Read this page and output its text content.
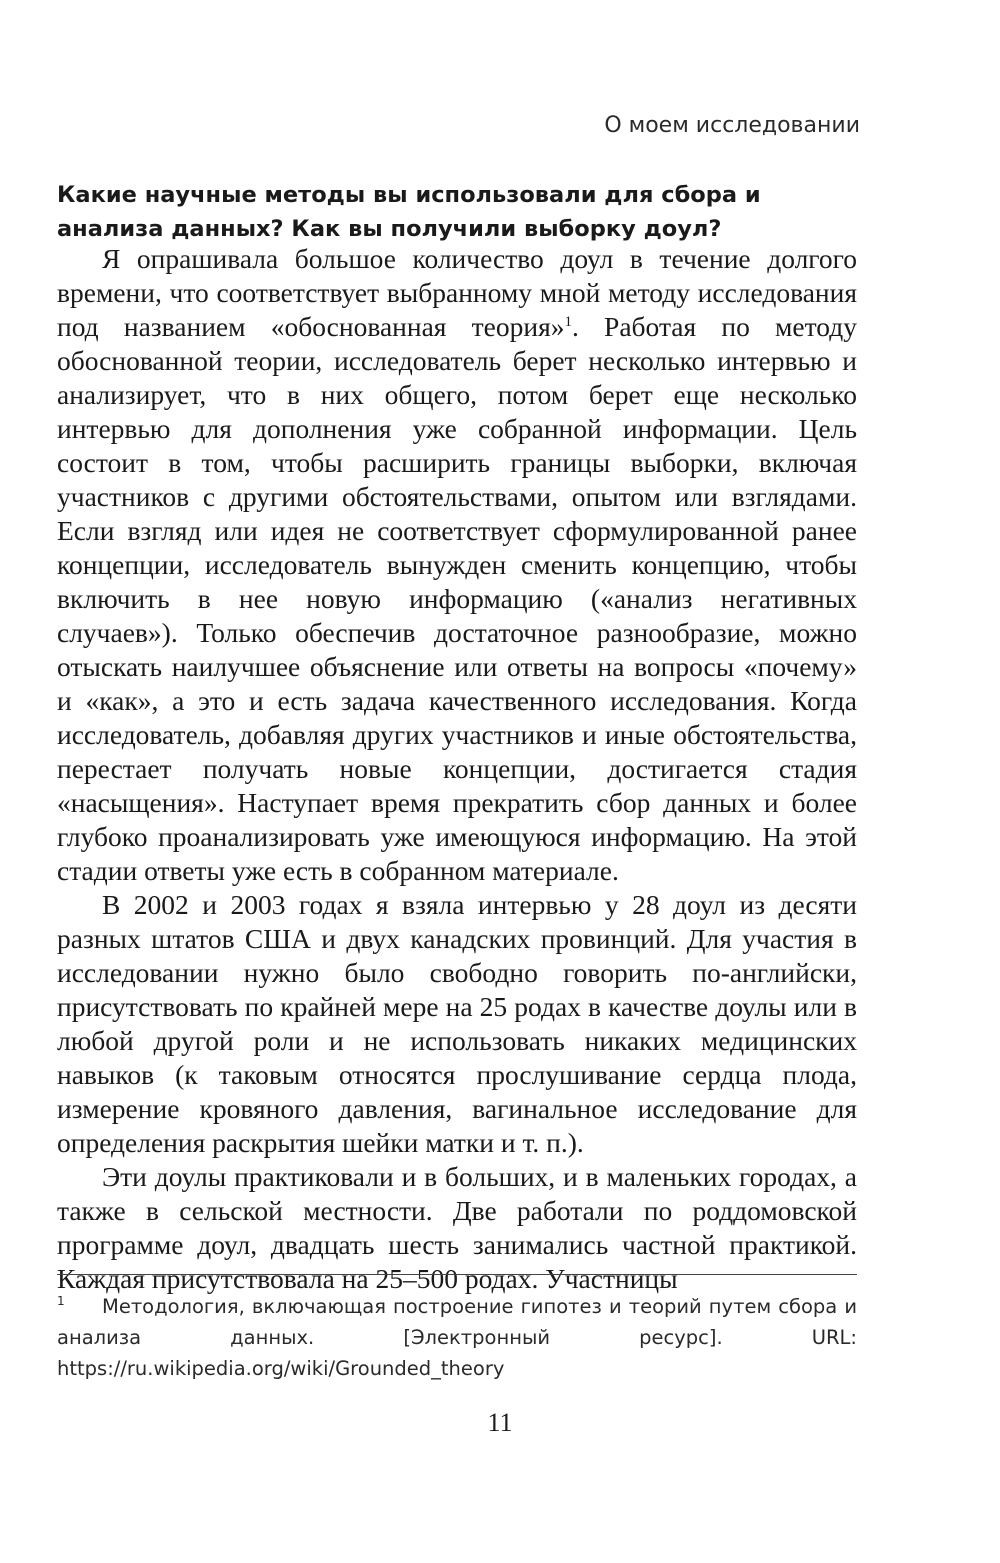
О моем исследовании
Какие научные методы вы использовали для сбора и анализа данных? Как вы получили выборку доул?

Я опрашивала большое количество доул в течение долгого времени, что соответствует выбранному мной методу исследования под названием «обоснованная теория»$^1$. Работая по методу обоснованной теории, исследователь берет несколько интервью и анализирует, что в них общего, потом берет еще несколько интервью для дополнения уже собранной информации. Цель состоит в том, чтобы расширить границы выборки, включая участников с другими обстоятельствами, опытом или взглядами. Если взгляд или идея не соответствует сформулированной ранее концепции, исследователь вынужден сменить концепцию, чтобы включить в нее новую информацию («анализ негативных случаев»). Только обеспечив достаточное разнообразие, можно отыскать наилучшее объяснение или ответы на вопросы «почему» и «как», а это и есть задача качественного исследования. Когда исследователь, добавляя других участников и иные обстоятельства, перестает получать новые концепции, достигается стадия «насыщения». Наступает время прекратить сбор данных и более глубоко проанализировать уже имеющуюся информацию. На этой стадии ответы уже есть в собранном материале.

В 2002 и 2003 годах я взяла интервью у 28 доул из десяти разных штатов США и двух канадских провинций. Для участия в исследовании нужно было свободно говорить по-английски, присутствовать по крайней мере на 25 родах в качестве доулы или в любой другой роли и не использовать никаких медицинских навыков (к таковым относятся прослушивание сердца плода, измерение кровяного давления, вагинальное исследование для определения раскрытия шейки матки и т. п.).

Эти доулы практиковали и в больших, и в маленьких городах, а также в сельской местности. Две работали по роддомовской программе доул, двадцать шесть занимались частной практикой. Каждая присутствовала на 25–500 родах. Участницы

1 Методология, включающая построение гипотез и теорий путем сбора и анализа данных. [Электронный ресурс]. URL: https://ru.wikipedia.org/wiki/Grounded_theory
11
